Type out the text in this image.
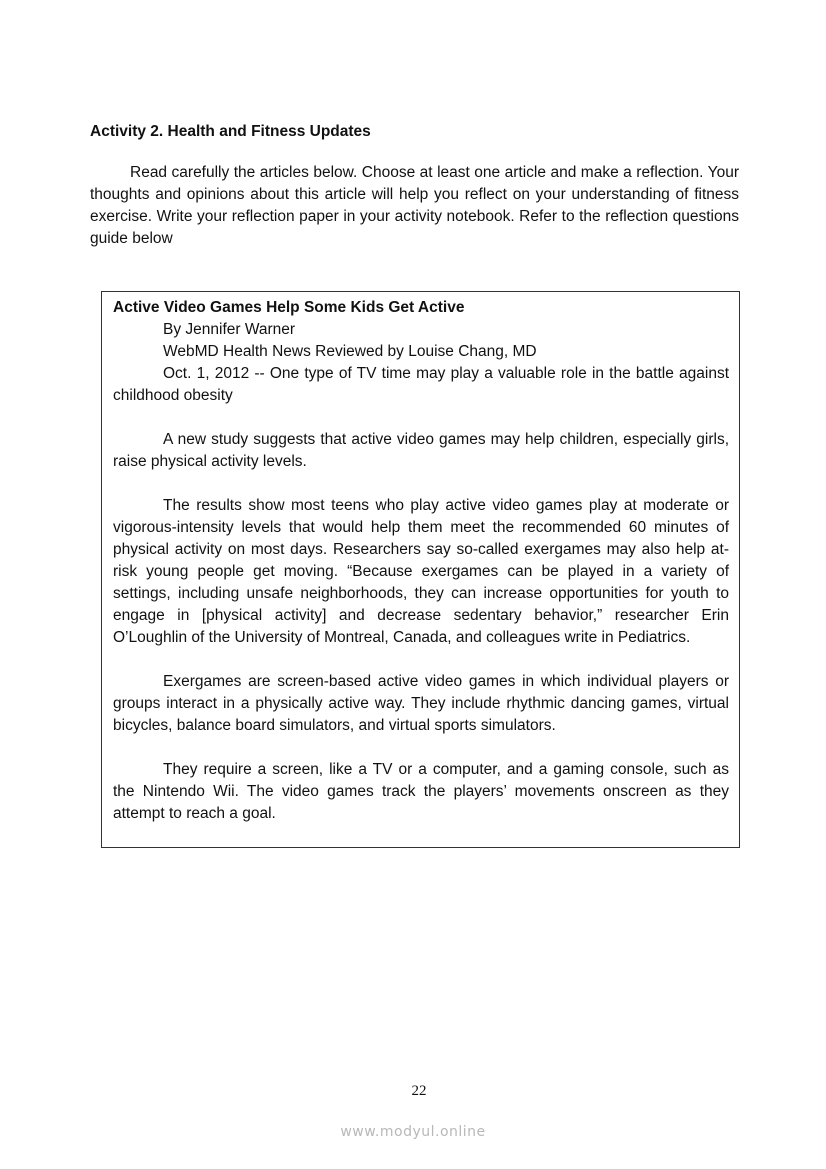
Activity 2. Health and Fitness Updates

Read carefully the articles below. Choose at least one article and make a reflection. Your thoughts and opinions about this article will help you reflect on your understanding of fitness exercise. Write your reflection paper in your activity notebook. Refer to the reflection questions guide below

Active Video Games Help Some Kids Get Active

By Jennifer Warner

WebMD Health News Reviewed by Louise Chang, MD

Oct. 1, 2012 -- One type of TV time may play a valuable role in the battle against childhood obesity

A new study suggests that active video games may help children, especially girls, raise physical activity levels.

The results show most teens who play active video games play at moderate or vigorous-intensity levels that would help them meet the recommended 60 minutes of physical activity on most days. Researchers say so-called exergames may also help at-risk young people get moving. “Because exergames can be played in a variety of settings, including unsafe neighborhoods, they can increase opportunities for youth to engage in [physical activity] and decrease sedentary behavior,” researcher Erin O’Loughlin of the University of Montreal, Canada, and colleagues write in Pediatrics.

Exergames are screen-based active video games in which individual players or groups interact in a physically active way. They include rhythmic dancing games, virtual bicycles, balance board simulators, and virtual sports simulators.

They require a screen, like a TV or a computer, and a gaming console, such as the Nintendo Wii. The video games track the players’ movements onscreen as they attempt to reach a goal.

22
www.modyul.online
